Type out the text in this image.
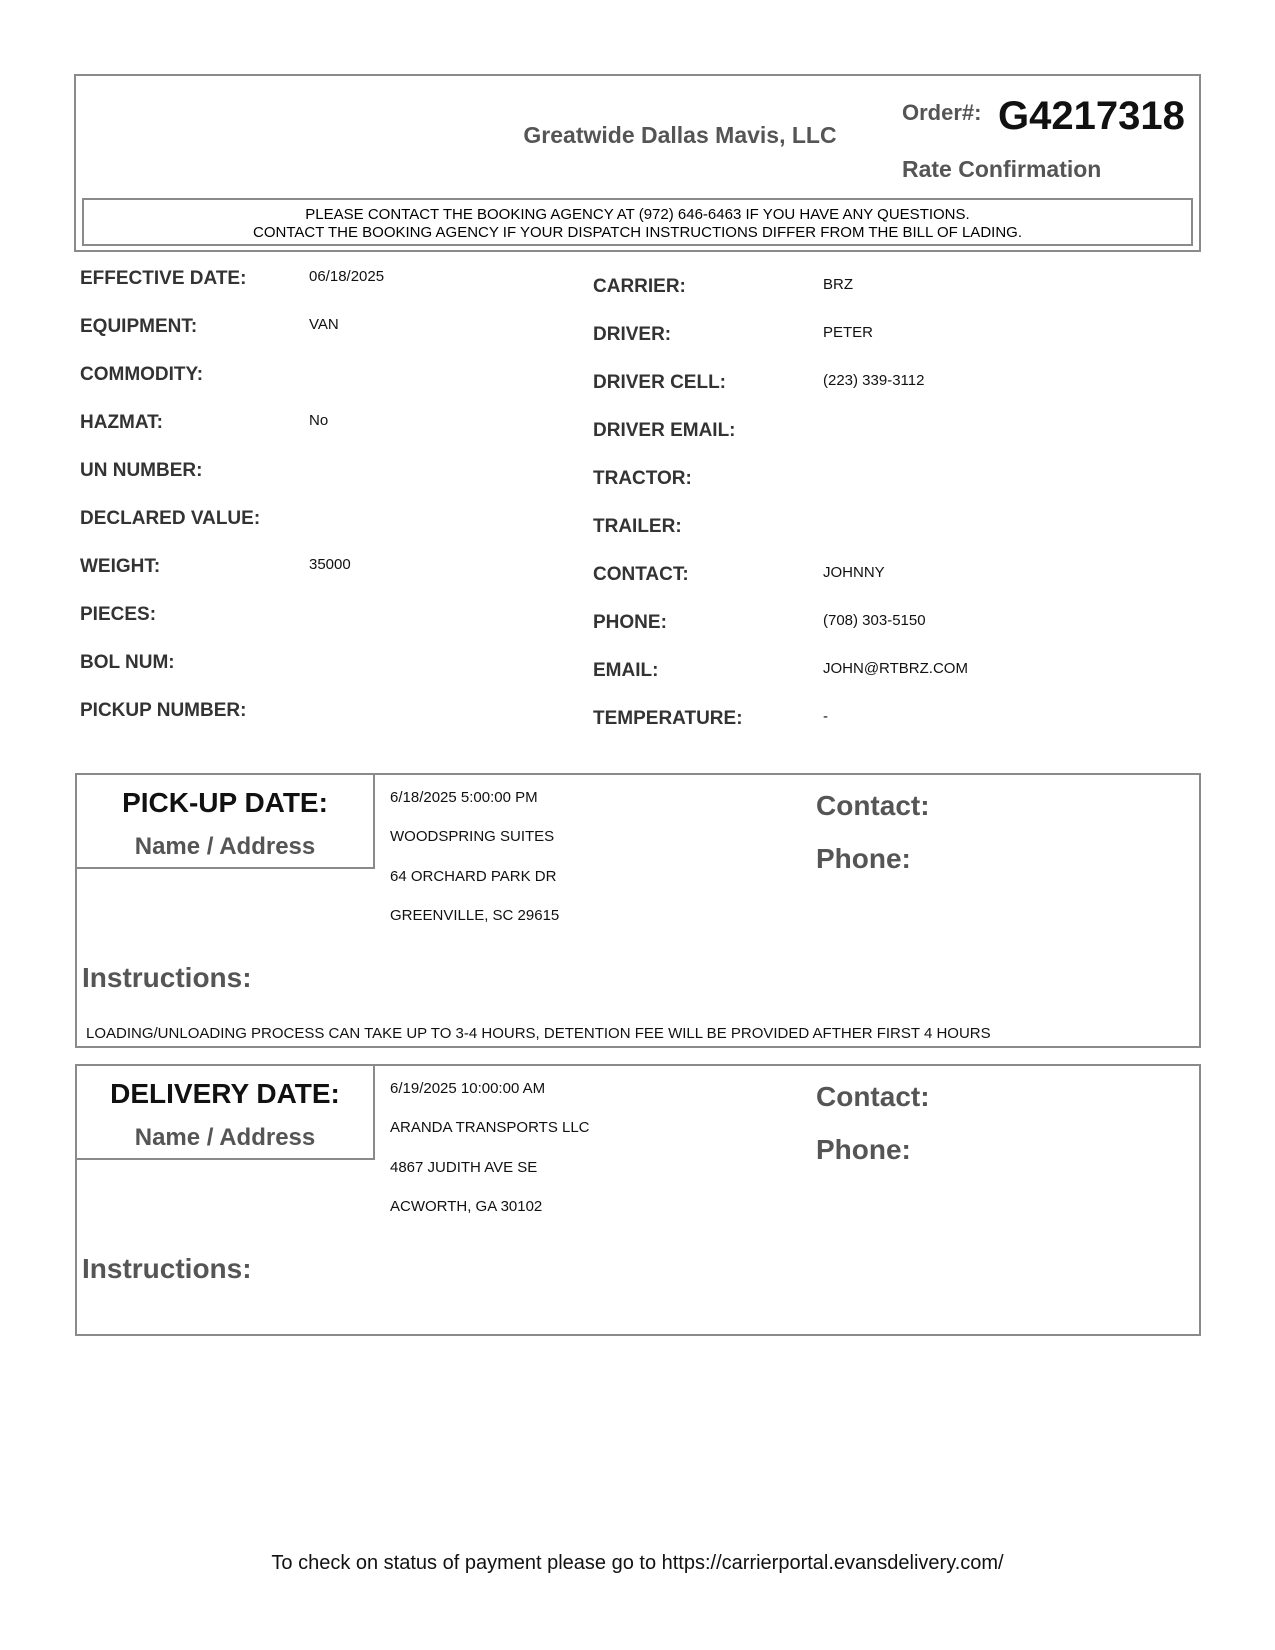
Greatwide Dallas Mavis, LLC
Order#: G4217318
Rate Confirmation
PLEASE CONTACT THE BOOKING AGENCY AT (972) 646-6463 IF YOU HAVE ANY QUESTIONS.
CONTACT THE BOOKING AGENCY IF YOUR DISPATCH INSTRUCTIONS DIFFER FROM THE BILL OF LADING.
EFFECTIVE DATE:	06/18/2025
EQUIPMENT:	VAN
COMMODITY:
HAZMAT:	No
UN NUMBER:
DECLARED VALUE:
WEIGHT:	35000
PIECES:
BOL NUM:
PICKUP NUMBER:
CARRIER:	BRZ
DRIVER:	PETER
DRIVER CELL:	(223) 339-3112
DRIVER EMAIL:
TRACTOR:
TRAILER:
CONTACT:	JOHNNY
PHONE:	(708) 303-5150
EMAIL:	JOHN@RTBRZ.COM
TEMPERATURE:	-
PICK-UP DATE:
Name / Address
6/18/2025 5:00:00 PM
WOODSPRING SUITES
64 ORCHARD PARK DR
GREENVILLE, SC 29615
Contact:
Phone:
Instructions:
LOADING/UNLOADING PROCESS CAN TAKE UP TO 3-4 HOURS, DETENTION FEE WILL BE PROVIDED AFTHER FIRST 4 HOURS
DELIVERY DATE:
Name / Address
6/19/2025 10:00:00 AM
ARANDA TRANSPORTS LLC
4867 JUDITH AVE SE
ACWORTH, GA 30102
Contact:
Phone:
Instructions:
To check on status of payment please go to https://carrierportal.evansdelivery.com/
